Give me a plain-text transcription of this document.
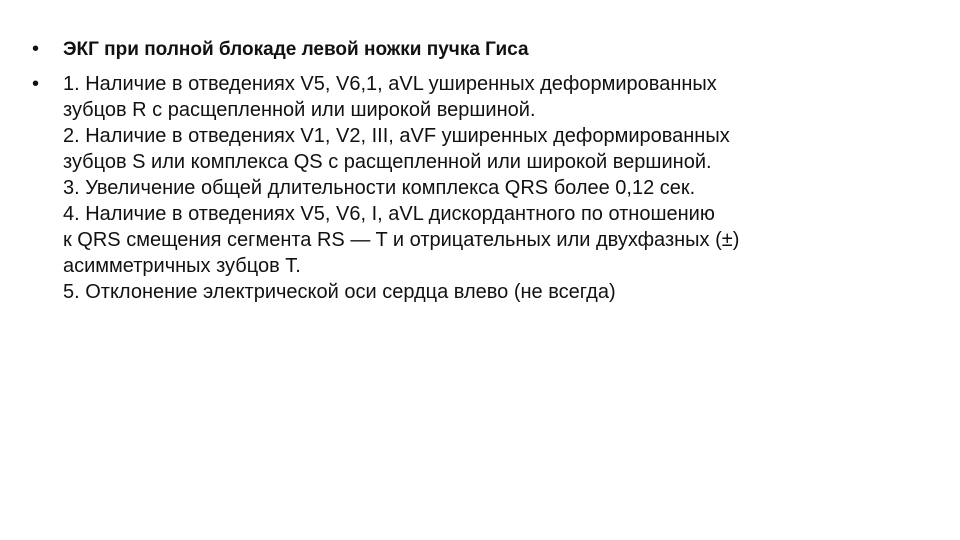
•	ЭКГ при полной блокаде левой ножки пучка Гиса
•	1. Наличие в отведениях V5, V6,1, aVL уширенных деформированных
зубцов R с расщепленной или широкой вершиной.
2. Наличие в отведениях V1, V2, III, aVF уширенных деформированных
зубцов S или комплекса QS с расщепленной или широкой вершиной.
3. Увеличение общей длительности комплекса QRS более 0,12 сек.
4. Наличие в отведениях V5, V6, I, aVL дискордантного по отношению
к QRS смещения сегмента RS — T и отрицательных или двухфазных (±)
асимметричных зубцов T.
5. Отклонение электрической оси сердца влево (не всегда)
